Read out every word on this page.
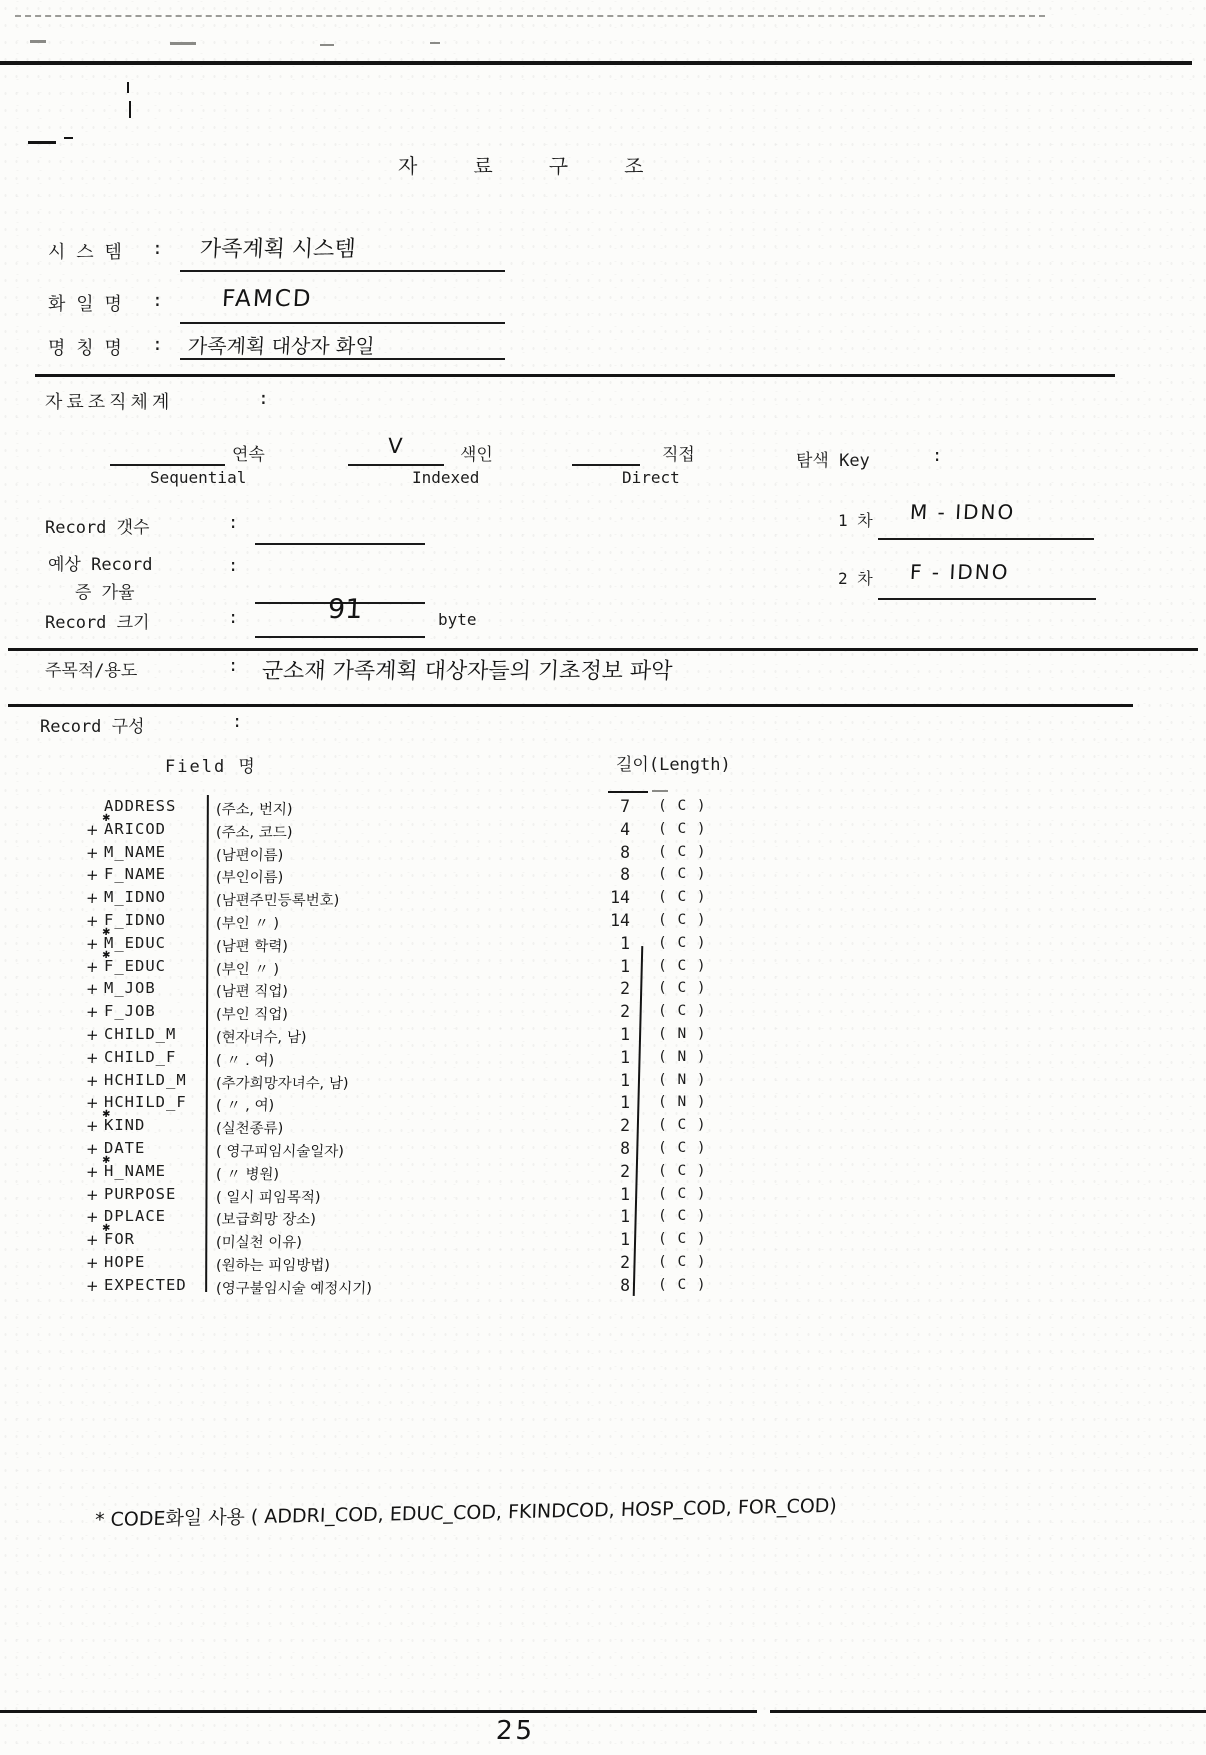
자 료 구 조
시 스 템 : 가족계획 시스템
화 일 명 :	FAMCD
명 칭 명 : 가족계획 대상자 화일
자료조직체계	:
연속
Sequential
V	색인
Indexed
직접
Direct
탐색 Key	:
Record 갯수	:
예상 Record
증 가율
:
Record 크기	:	91	byte
1 차 M - IDNO
2 차 F - IDNO
주목적/용도	: 군소재 가족계획 대상자들의 기초정보 파악
Record 구성	:
Field 명	길이(Length)
ADDRESS	(주소, 번지)	7 ( C )
+
✱
ARICOD	(주소, 코드)	4 ( C )
+ M_NAME	(남편이름)	8 ( C )
+ F_NAME	(부인이름)	8 ( C )
+ M_IDNO	(남편주민등록번호)	14 ( C )
+ F_IDNO	(부인 〃 )	14 ( C )
+
✱
M_EDUC	(남편 학력)	1 ( C )
+
✱
F_EDUC	(부인 〃 )	1 ( C )
+ M_JOB	(남편 직업)	2 ( C )
+ F_JOB	(부인 직업)	2 ( C )
+ CHILD_M	(현자녀수, 남)	1 ( N )
+ CHILD_F	( 〃 . 여)	1 ( N )
+ HCHILD_M (추가희망자녀수, 남)	1 ( N )
+ HCHILD_F ( 〃 , 여)	1 ( N )
+
✱
KIND	(실천종류)	2 ( C )
+ DATE	( 영구피임시술일자)	8 ( C )
+
✱
H_NAME	( 〃 병원)	2 ( C )
+ PURPOSE	( 일시 피임목적)	1 ( C )
+ DPLACE	(보급희망 장소)	1 ( C )
+
✱
FOR	(미실천 이유)	1 ( C )
+ HOPE	(원하는 피임방법)	2 ( C )
+ EXPECTED (영구불임시술 예정시기)	8 ( C )
* CODE화일 사용 ( ADDRI_COD, EDUC_COD, FKINDCOD, HOSP_COD, FOR_COD)
25
